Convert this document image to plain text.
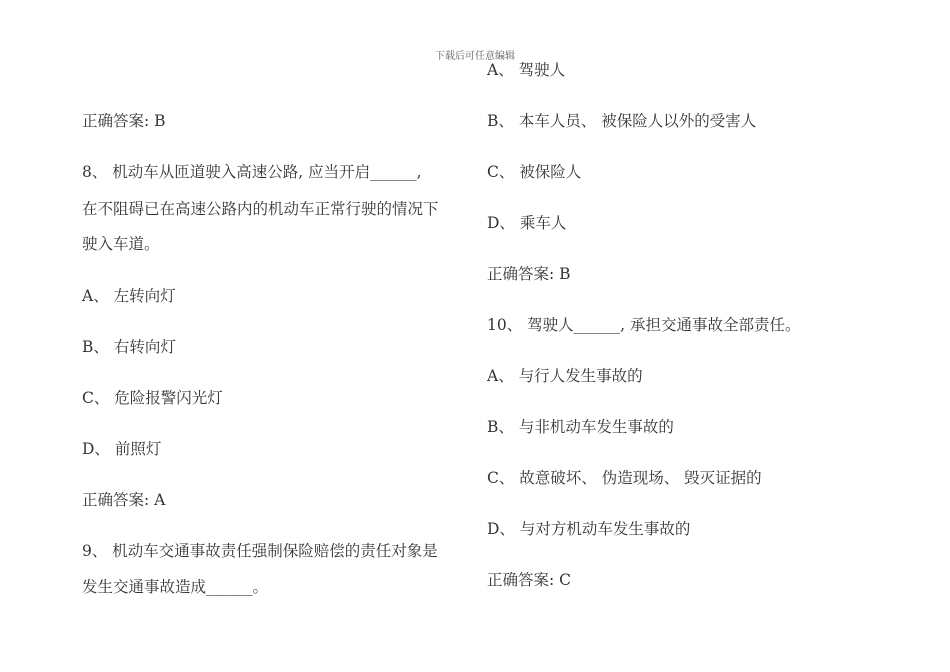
下载后可任意编辑
正确答案: B
8、 机动车从匝道驶入高速公路, 应当开启______,
在不阻碍已在高速公路内的机动车正常行驶的情况下
驶入车道。
A、 左转向灯
B、 右转向灯
C、 危险报警闪光灯
D、 前照灯
正确答案: A
9、 机动车交通事故责任强制保险赔偿的责任对象是
发生交通事故造成______。
A、 驾驶人
B、 本车人员、 被保险人以外的受害人
C、 被保险人
D、 乘车人
正确答案: B
10、 驾驶人______, 承担交通事故全部责任。
A、 与行人发生事故的
B、 与非机动车发生事故的
C、 故意破坏、 伪造现场、 毁灭证据的
D、 与对方机动车发生事故的
正确答案: C
